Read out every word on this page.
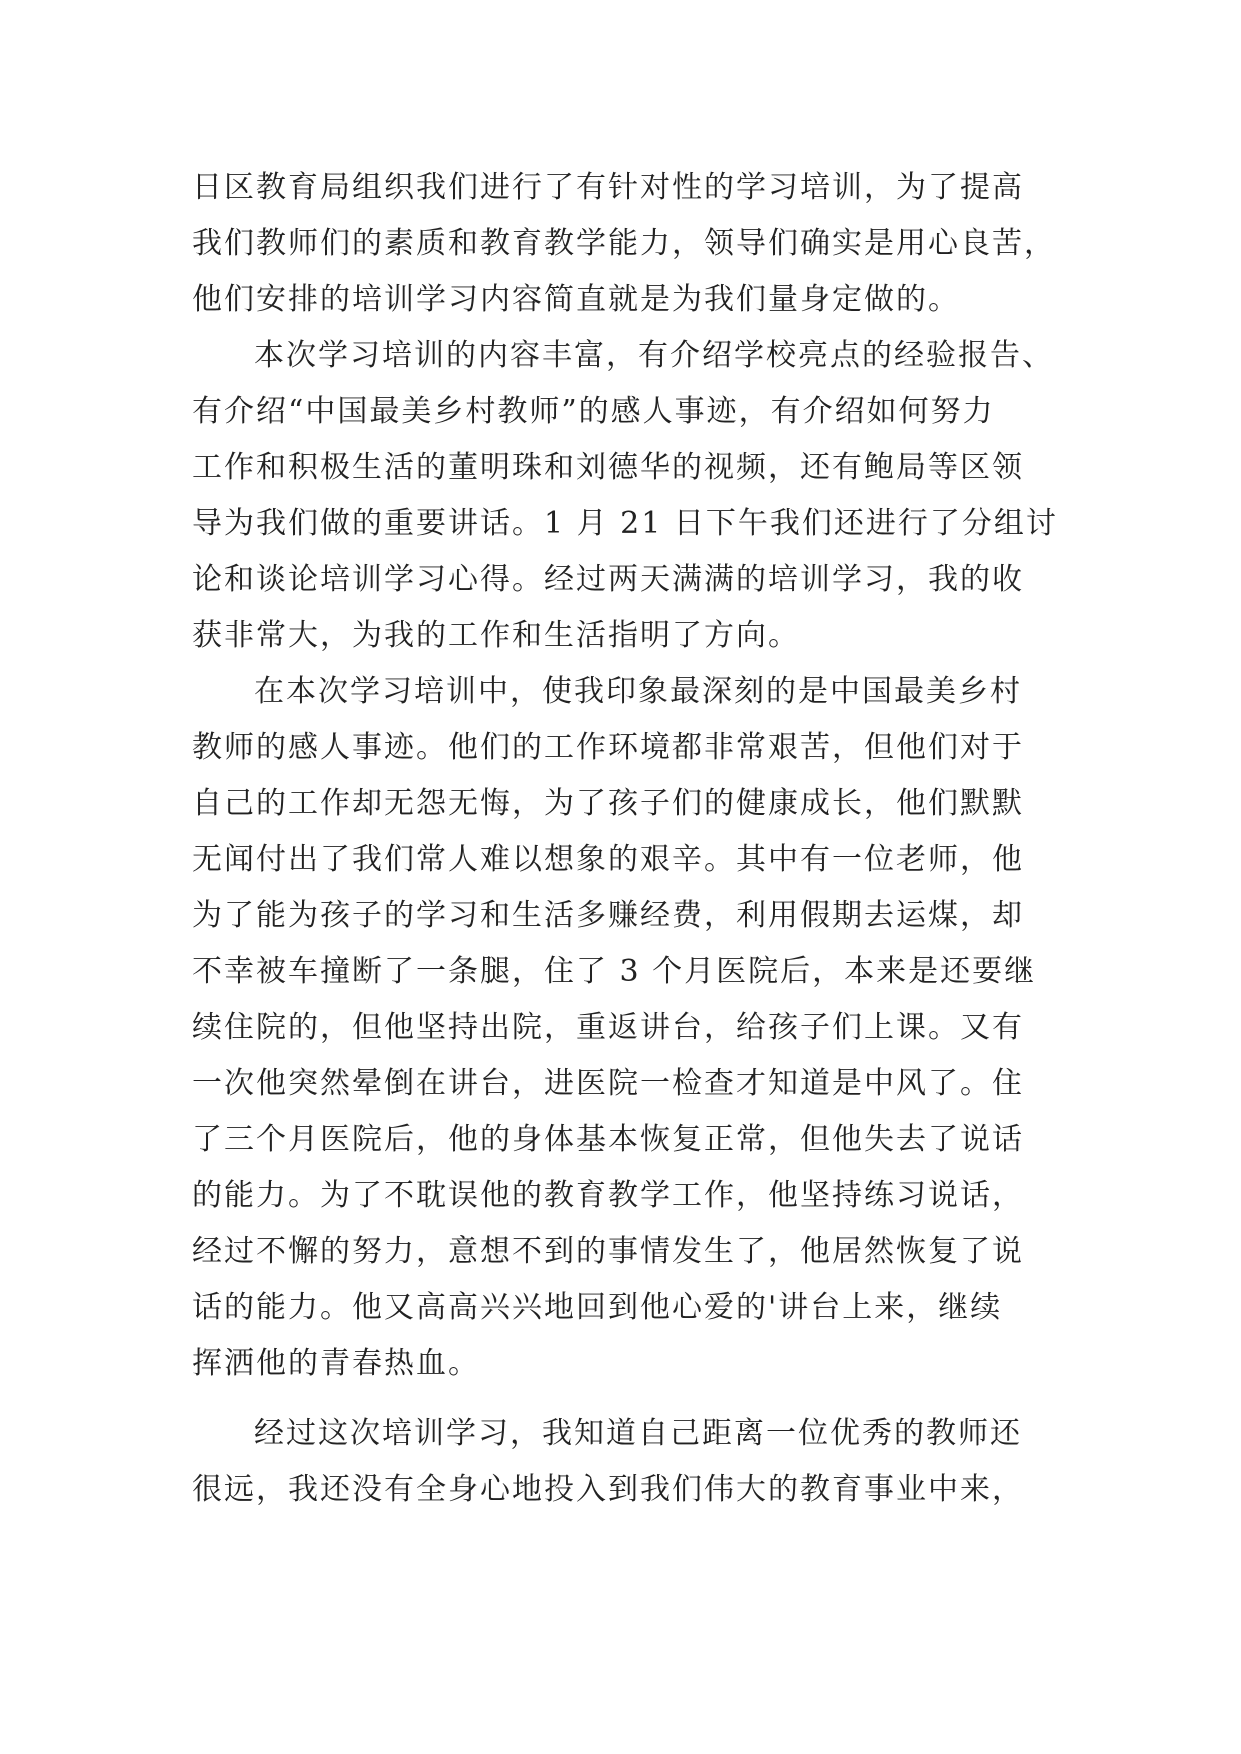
日区教育局组织我们进行了有针对性的学习培训，为了提高
我们教师们的素质和教育教学能力，领导们确实是用心良苦，
他们安排的培训学习内容简直就是为我们量身定做的。
本次学习培训的内容丰富，有介绍学校亮点的经验报告、
有介绍“中国最美乡村教师”的感人事迹，有介绍如何努力
工作和积极生活的董明珠和刘德华的视频，还有鲍局等区领
导为我们做的重要讲话。1 月 21 日下午我们还进行了分组讨
论和谈论培训学习心得。经过两天满满的培训学习，我的收
获非常大，为我的工作和生活指明了方向。
在本次学习培训中，使我印象最深刻的是中国最美乡村
教师的感人事迹。他们的工作环境都非常艰苦，但他们对于
自己的工作却无怨无悔，为了孩子们的健康成长，他们默默
无闻付出了我们常人难以想象的艰辛。其中有一位老师，他
为了能为孩子的学习和生活多赚经费，利用假期去运煤，却
不幸被车撞断了一条腿，住了 3 个月医院后，本来是还要继
续住院的，但他坚持出院，重返讲台，给孩子们上课。又有
一次他突然晕倒在讲台，进医院一检查才知道是中风了。住
了三个月医院后，他的身体基本恢复正常，但他失去了说话
的能力。为了不耽误他的教育教学工作，他坚持练习说话，
经过不懈的努力，意想不到的事情发生了，他居然恢复了说
话的能力。他又高高兴兴地回到他心爱的'讲台上来，继续
挥洒他的青春热血。
经过这次培训学习，我知道自己距离一位优秀的教师还
很远，我还没有全身心地投入到我们伟大的教育事业中来，
